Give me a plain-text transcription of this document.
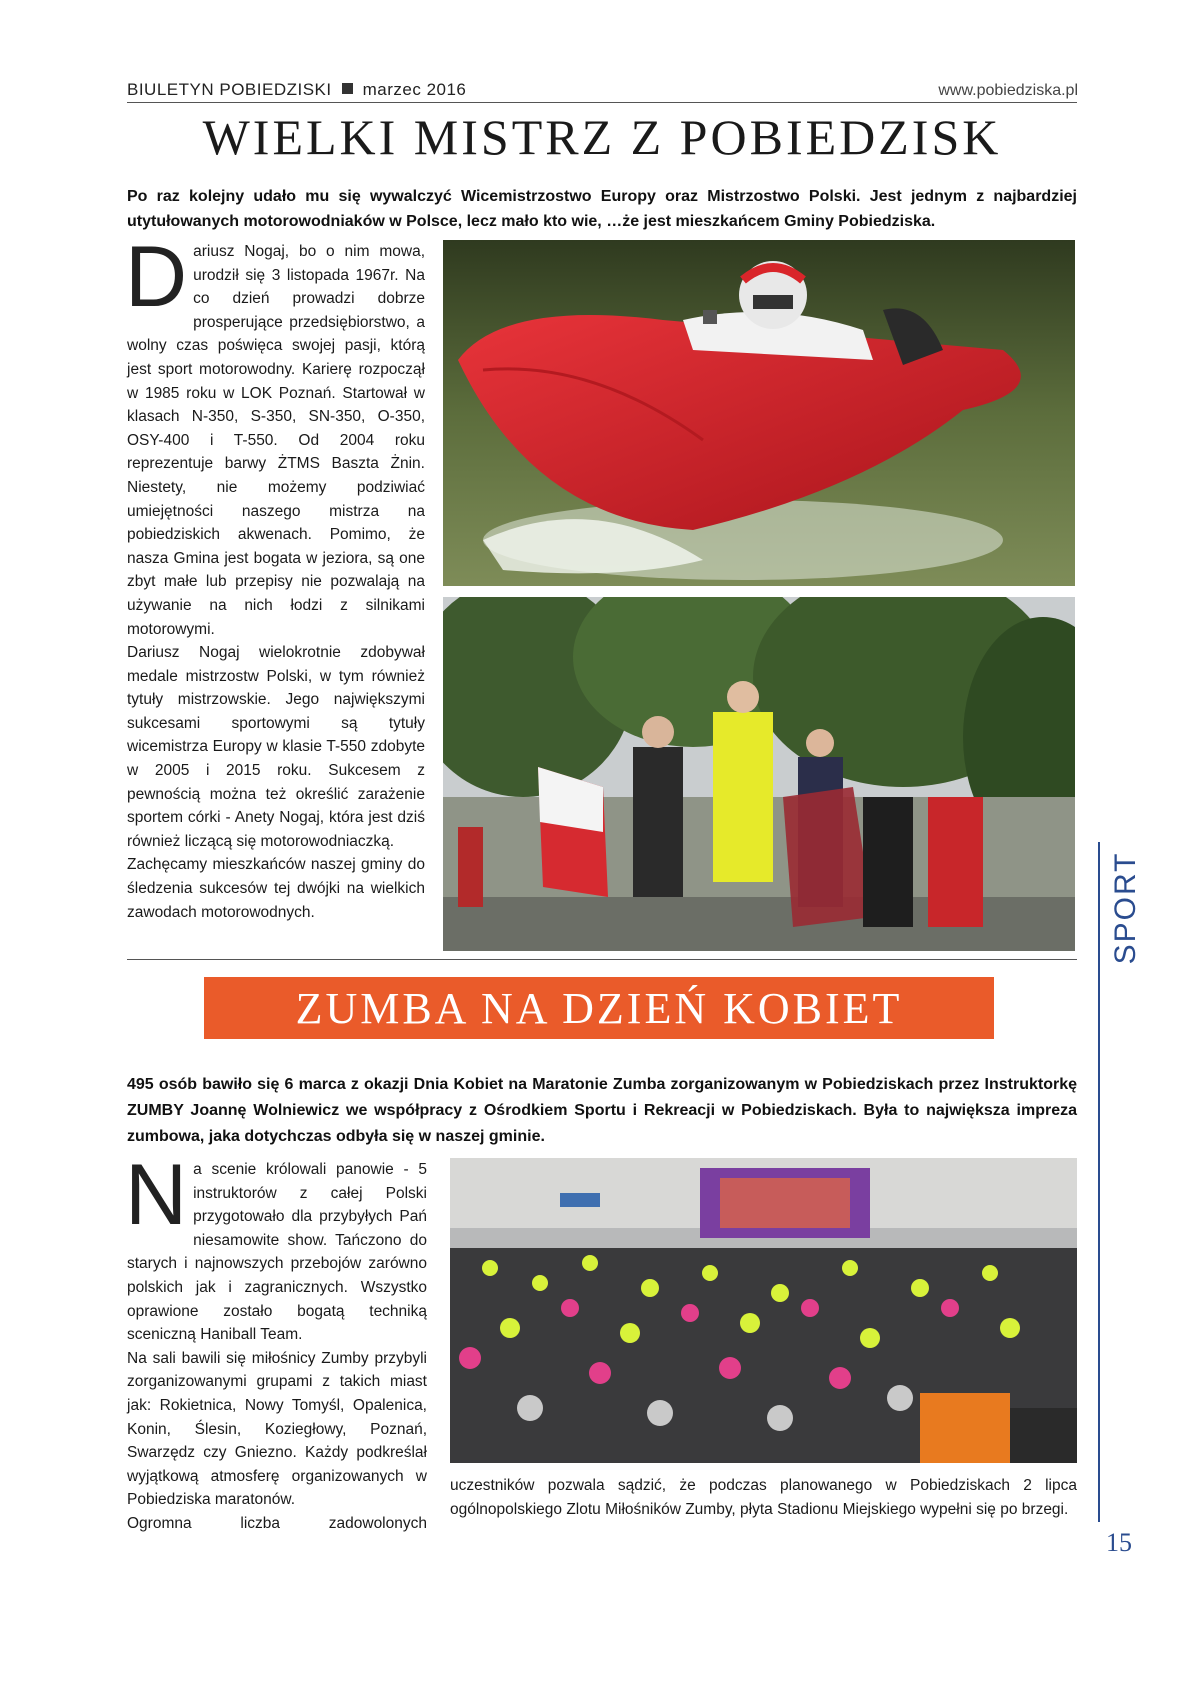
BIULETYN POBIEDZISKI marzec 2016	www.pobiedziska.pl
WIELKI MISTRZ Z POBIEDZISK
Po raz kolejny udało mu się wywalczyć Wicemistrzostwo Europy oraz Mistrzostwo Polski. Jest jednym z najbardziej utytułowanych motorowodniaków w Polsce, lecz mało kto wie, …że jest mieszkańcem Gminy Pobiedziska.

Dariusz Nogaj, bo o nim mowa, urodził się 3 listopada 1967r. Na co dzień prowadzi dobrze prosperujące przedsiębiorstwo, a wolny czas poświęca swojej pasji, którą jest sport motorowodny. Karierę rozpoczął w 1985 roku w LOK Poznań. Startował w klasach N-350, S-350, SN-350, O-350, OSY-400 i T-550. Od 2004 roku reprezentuje barwy ŻTMS Baszta Żnin. Niestety, nie możemy podziwiać umiejętności naszego mistrza na pobiedziskich akwenach. Pomimo, że nasza Gmina jest bogata w jeziora, są one zbyt małe lub przepisy nie pozwalają na używanie na nich łodzi z silnikami motorowymi.

Dariusz Nogaj wielokrotnie zdobywał medale mistrzostw Polski, w tym również tytuły mistrzowskie. Jego największymi sukcesami sportowymi są tytuły wicemistrza Europy w klasie T-550 zdobyte w 2005 i 2015 roku. Sukcesem z pewnością można też określić zarażenie sportem córki - Anety Nogaj, która jest dziś również liczącą się motorowodniaczką.

Zachęcamy mieszkańców naszej gminy do śledzenia sukcesów tej dwójki na wielkich zawodach motorowodnych.

ZUMBA NA DZIEŃ KOBIET
495 osób bawiło się 6 marca z okazji Dnia Kobiet na Maratonie Zumba zorganizowanym w Pobiedziskach przez Instruktorkę ZUMBY Joannę Wolniewicz we współpracy z Ośrodkiem Sportu i Rekreacji w Pobiedziskach. Była to największa impreza zumbowa, jaka dotychczas odbyła się w naszej gminie.

Na scenie królowali panowie - 5 instruktorów z całej Polski przygotowało dla przybyłych Pań niesamowite show. Tańczono do starych i najnowszych przebojów zarówno polskich jak i zagranicznych. Wszystko oprawione zostało bogatą techniką sceniczną Haniball Team.

Na sali bawili się miłośnicy Zumby przybyli zorganizowanymi grupami z takich miast jak: Rokietnica, Nowy Tomyśl, Opalenica, Konin, Ślesin, Koziegłowy, Poznań, Swarzędz czy Gniezno. Każdy podkreślał wyjątkową atmosferę organizowanych w Pobiedziska maratonów.

Ogromna liczba zadowolonych

uczestników pozwala sądzić, że podczas planowanego w Pobiedziskach 2 lipca ogólnopolskiego Zlotu Miłośników Zumby, płyta Stadionu Miejskiego wypełni się po brzegi.
SPORT
15
